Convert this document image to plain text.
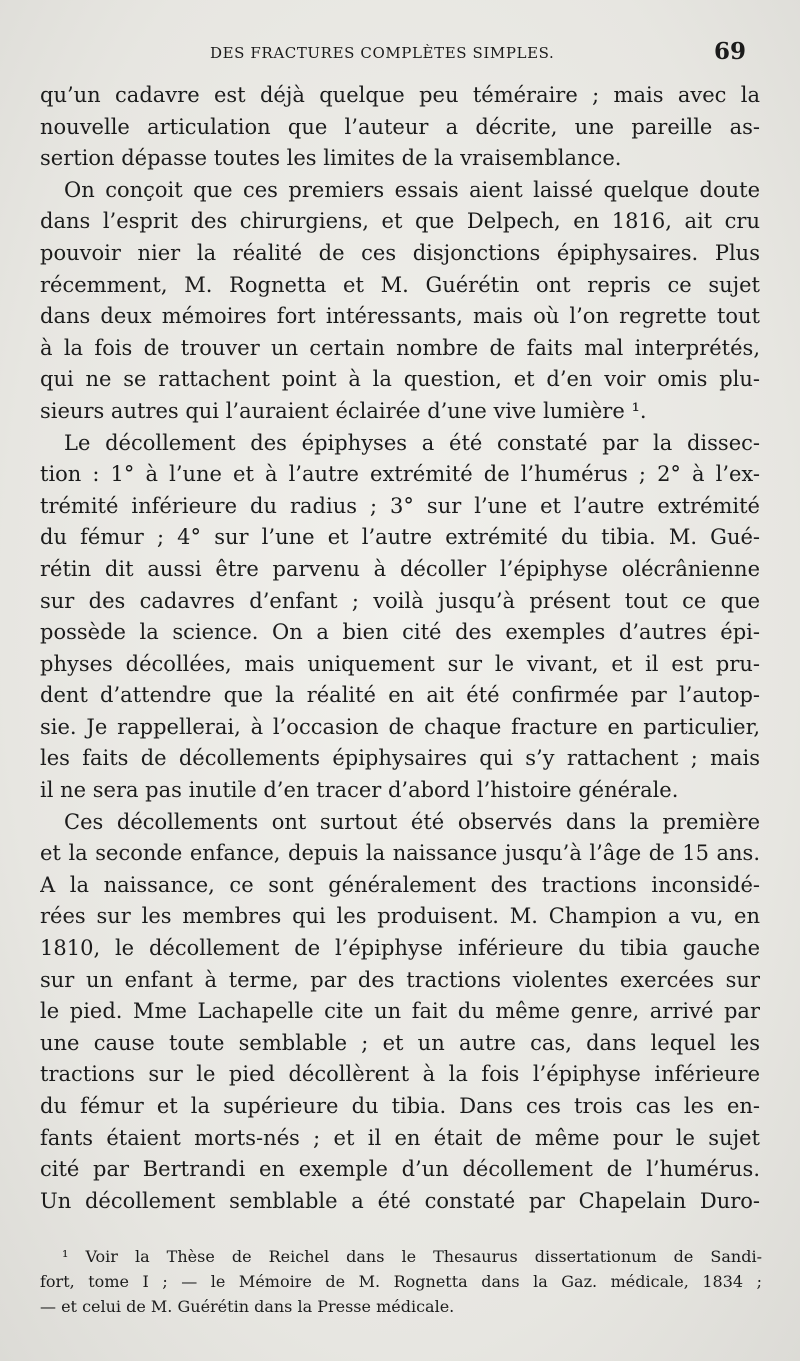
DES FRACTURES COMPLÈTES SIMPLES.	69
qu’un cadavre est déjà quelque peu téméraire ; mais avec la
nouvelle articulation que l’auteur a décrite, une pareille as-
sertion dépasse toutes les limites de la vraisemblance.
On conçoit que ces premiers essais aient laissé quelque doute
dans l’esprit des chirurgiens, et que Delpech, en 1816, ait cru
pouvoir nier la réalité de ces disjonctions épiphysaires. Plus
récemment, M. Rognetta et M. Guérétin ont repris ce sujet
dans deux mémoires fort intéressants, mais où l’on regrette tout
à la fois de trouver un certain nombre de faits mal interprétés,
qui ne se rattachent point à la question, et d’en voir omis plu-
sieurs autres qui l’auraient éclairée d’une vive lumière ¹.
Le décollement des épiphyses a été constaté par la dissec-
tion : 1° à l’une et à l’autre extrémité de l’humérus ; 2° à l’ex-
trémité inférieure du radius ; 3° sur l’une et l’autre extrémité
du fémur ; 4° sur l’une et l’autre extrémité du tibia. M. Gué-
rétin dit aussi être parvenu à décoller l’épiphyse olécrânienne
sur des cadavres d’enfant ; voilà jusqu’à présent tout ce que
possède la science. On a bien cité des exemples d’autres épi-
physes décollées, mais uniquement sur le vivant, et il est pru-
dent d’attendre que la réalité en ait été confirmée par l’autop-
sie. Je rappellerai, à l’occasion de chaque fracture en particulier,
les faits de décollements épiphysaires qui s’y rattachent ; mais
il ne sera pas inutile d’en tracer d’abord l’histoire générale.
Ces décollements ont surtout été observés dans la première
et la seconde enfance, depuis la naissance jusqu’à l’âge de 15 ans.
A la naissance, ce sont généralement des tractions inconsidé-
rées sur les membres qui les produisent. M. Champion a vu, en
1810, le décollement de l’épiphyse inférieure du tibia gauche
sur un enfant à terme, par des tractions violentes exercées sur
le pied. Mme Lachapelle cite un fait du même genre, arrivé par
une cause toute semblable ; et un autre cas, dans lequel les
tractions sur le pied décollèrent à la fois l’épiphyse inférieure
du fémur et la supérieure du tibia. Dans ces trois cas les en-
fants étaient morts-nés ; et il en était de même pour le sujet
cité par Bertrandi en exemple d’un décollement de l’humérus.
Un décollement semblable a été constaté par Chapelain Duro-
¹ Voir la Thèse de Reichel dans le Thesaurus dissertationum de Sandi-
fort, tome I ; — le Mémoire de M. Rognetta dans la Gaz. médicale, 1834 ;
— et celui de M. Guérétin dans la Presse médicale.
